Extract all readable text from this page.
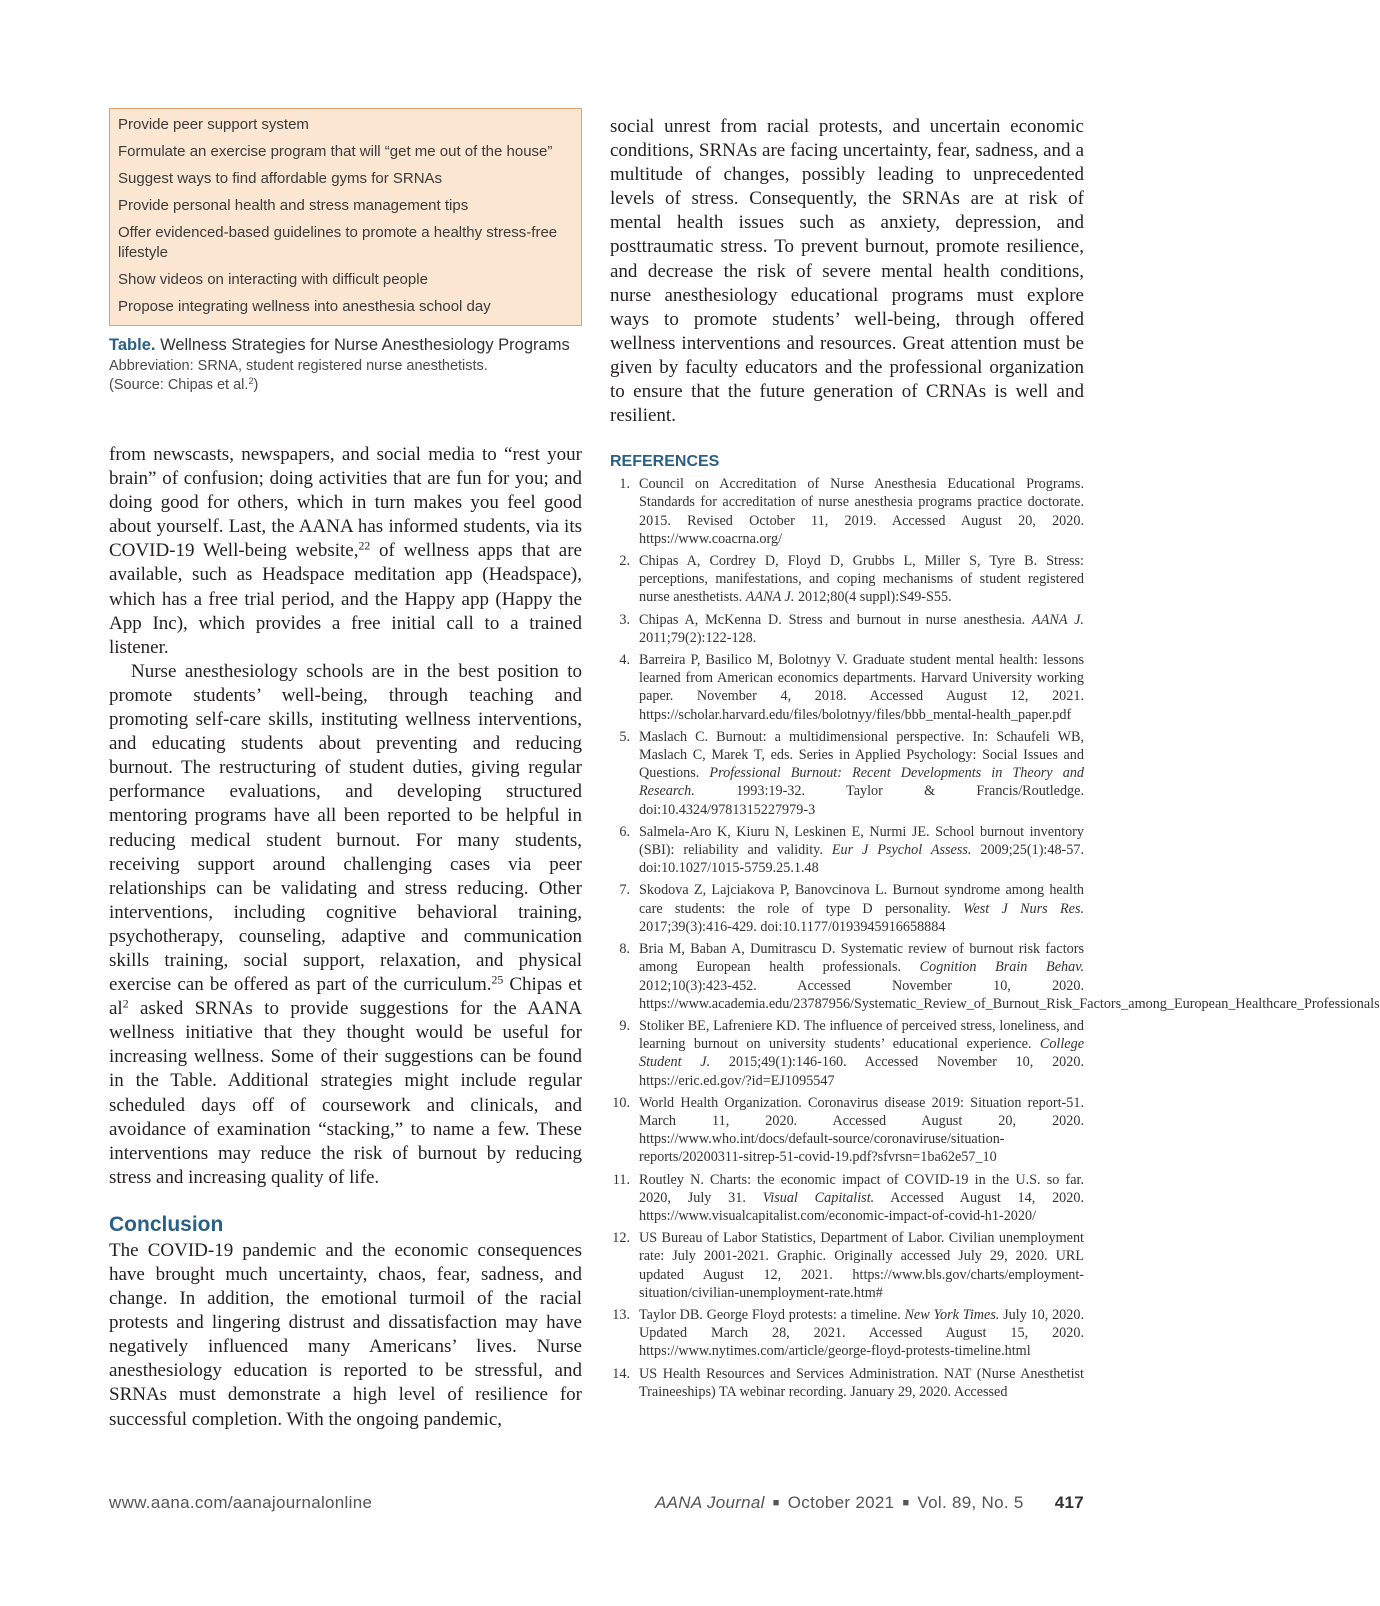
Provide peer support system
Formulate an exercise program that will “get me out of the house”
Suggest ways to find affordable gyms for SRNAs
Provide personal health and stress management tips
Offer evidenced-based guidelines to promote a healthy stress-free lifestyle
Show videos on interacting with difficult people
Propose integrating wellness into anesthesia school day
Table. Wellness Strategies for Nurse Anesthesiology Programs
Abbreviation: SRNA, student registered nurse anesthetists.
(Source: Chipas et al.$^2$)

from newscasts, newspapers, and social media to “rest your brain” of confusion; doing activities that are fun for you; and doing good for others, which in turn makes you feel good about yourself. Last, the AANA has informed students, via its COVID-19 Well-being website,$^{22}$ of wellness apps that are available, such as Headspace meditation app (Headspace), which has a free trial period, and the Happy app (Happy the App Inc), which provides a free initial call to a trained listener.

Nurse anesthesiology schools are in the best position to promote students’ well-being, through teaching and promoting self-care skills, instituting wellness interventions, and educating students about preventing and reducing burnout. The restructuring of student duties, giving regular performance evaluations, and developing structured mentoring programs have all been reported to be helpful in reducing medical student burnout. For many students, receiving support around challenging cases via peer relationships can be validating and stress reducing. Other interventions, including cognitive behavioral training, psychotherapy, counseling, adaptive and communication skills training, social support, relaxation, and physical exercise can be offered as part of the curriculum.$^{25}$ Chipas et $al^2$ asked SRNAs to provide suggestions for the AANA wellness initiative that they thought would be useful for increasing wellness. Some of their suggestions can be found in the Table. Additional strategies might include regular scheduled days off of coursework and clinicals, and avoidance of examination “stacking,” to name a few. These interventions may reduce the risk of burnout by reducing stress and increasing quality of life.

Conclusion

The COVID-19 pandemic and the economic consequences have brought much uncertainty, chaos, fear, sadness, and change. In addition, the emotional turmoil of the racial protests and lingering distrust and dissatisfaction may have negatively influenced many Americans’ lives. Nurse anesthesiology education is reported to be stressful, and SRNAs must demonstrate a high level of resilience for successful completion. With the ongoing pandemic,

social unrest from racial protests, and uncertain economic conditions, SRNAs are facing uncertainty, fear, sadness, and a multitude of changes, possibly leading to unprecedented levels of stress. Consequently, the SRNAs are at risk of mental health issues such as anxiety, depression, and posttraumatic stress. To prevent burnout, promote resilience, and decrease the risk of severe mental health conditions, nurse anesthesiology educational programs must explore ways to promote students’ well-being, through offered wellness interventions and resources. Great attention must be given by faculty educators and the professional organization to ensure that the future generation of CRNAs is well and resilient.

REFERENCES
1. Council on Accreditation of Nurse Anesthesia Educational Programs. Standards for accreditation of nurse anesthesia programs practice doctorate. 2015. Revised October 11, 2019. Accessed August 20, 2020. https://www.coacrna.org/
2. Chipas A, Cordrey D, Floyd D, Grubbs L, Miller S, Tyre B. Stress: perceptions, manifestations, and coping mechanisms of student registered nurse anesthetists. AANA J. 2012;80(4 suppl):S49-S55.
3. Chipas A, McKenna D. Stress and burnout in nurse anesthesia. AANA J. 2011;79(2):122-128.
4. Barreira P, Basilico M, Bolotnyy V. Graduate student mental health: lessons learned from American economics departments. Harvard University working paper. November 4, 2018. Accessed August 12, 2021. https://scholar.harvard.edu/files/bolotnyy/files/bbb_mental-health_paper.pdf
5. Maslach C. Burnout: a multidimensional perspective. In: Schaufeli WB, Maslach C, Marek T, eds. Series in Applied Psychology: Social Issues and Questions. Professional Burnout: Recent Developments in Theory and Research. 1993:19-32. Taylor & Francis/Routledge. doi:10.4324/9781315227979-3
6. Salmela-Aro K, Kiuru N, Leskinen E, Nurmi JE. School burnout inventory (SBI): reliability and validity. Eur J Psychol Assess. 2009;25(1):48-57. doi:10.1027/1015-5759.25.1.48
7. Skodova Z, Lajciakova P, Banovcinova L. Burnout syndrome among health care students: the role of type D personality. West J Nurs Res. 2017;39(3):416-429. doi:10.1177/0193945916658884
8. Bria M, Baban A, Dumitrascu D. Systematic review of burnout risk factors among European health professionals. Cognition Brain Behav. 2012;10(3):423-452. Accessed November 10, 2020. https://www.academia.edu/23787956/Systematic_Review_of_Burnout_Risk_Factors_among_European_Healthcare_Professionals
9. Stoliker BE, Lafreniere KD. The influence of perceived stress, loneliness, and learning burnout on university students’ educational experience. College Student J. 2015;49(1):146-160. Accessed November 10, 2020. https://eric.ed.gov/?id=EJ1095547
10. World Health Organization. Coronavirus disease 2019: Situation report-51. March 11, 2020. Accessed August 20, 2020. https://www.who.int/docs/default-source/coronaviruse/situation-reports/20200311-sitrep-51-covid-19.pdf?sfvrsn=1ba62e57_10
11. Routley N. Charts: the economic impact of COVID-19 in the U.S. so far. 2020, July 31. Visual Capitalist. Accessed August 14, 2020. https://www.visualcapitalist.com/economic-impact-of-covid-h1-2020/
12. US Bureau of Labor Statistics, Department of Labor. Civilian unemployment rate: July 2001-2021. Graphic. Originally accessed July 29, 2020. URL updated August 12, 2021. https://www.bls.gov/charts/employment-situation/civilian-unemployment-rate.htm#
13. Taylor DB. George Floyd protests: a timeline. New York Times. July 10, 2020. Updated March 28, 2021. Accessed August 15, 2020. https://www.nytimes.com/article/george-floyd-protests-timeline.html
14. US Health Resources and Services Administration. NAT (Nurse Anesthetist Traineeships) TA webinar recording. January 29, 2020. Accessed
www.aana.com/aanajournalonline	AANA Journal ■ October 2021 ■ Vol. 89, No. 5 417
